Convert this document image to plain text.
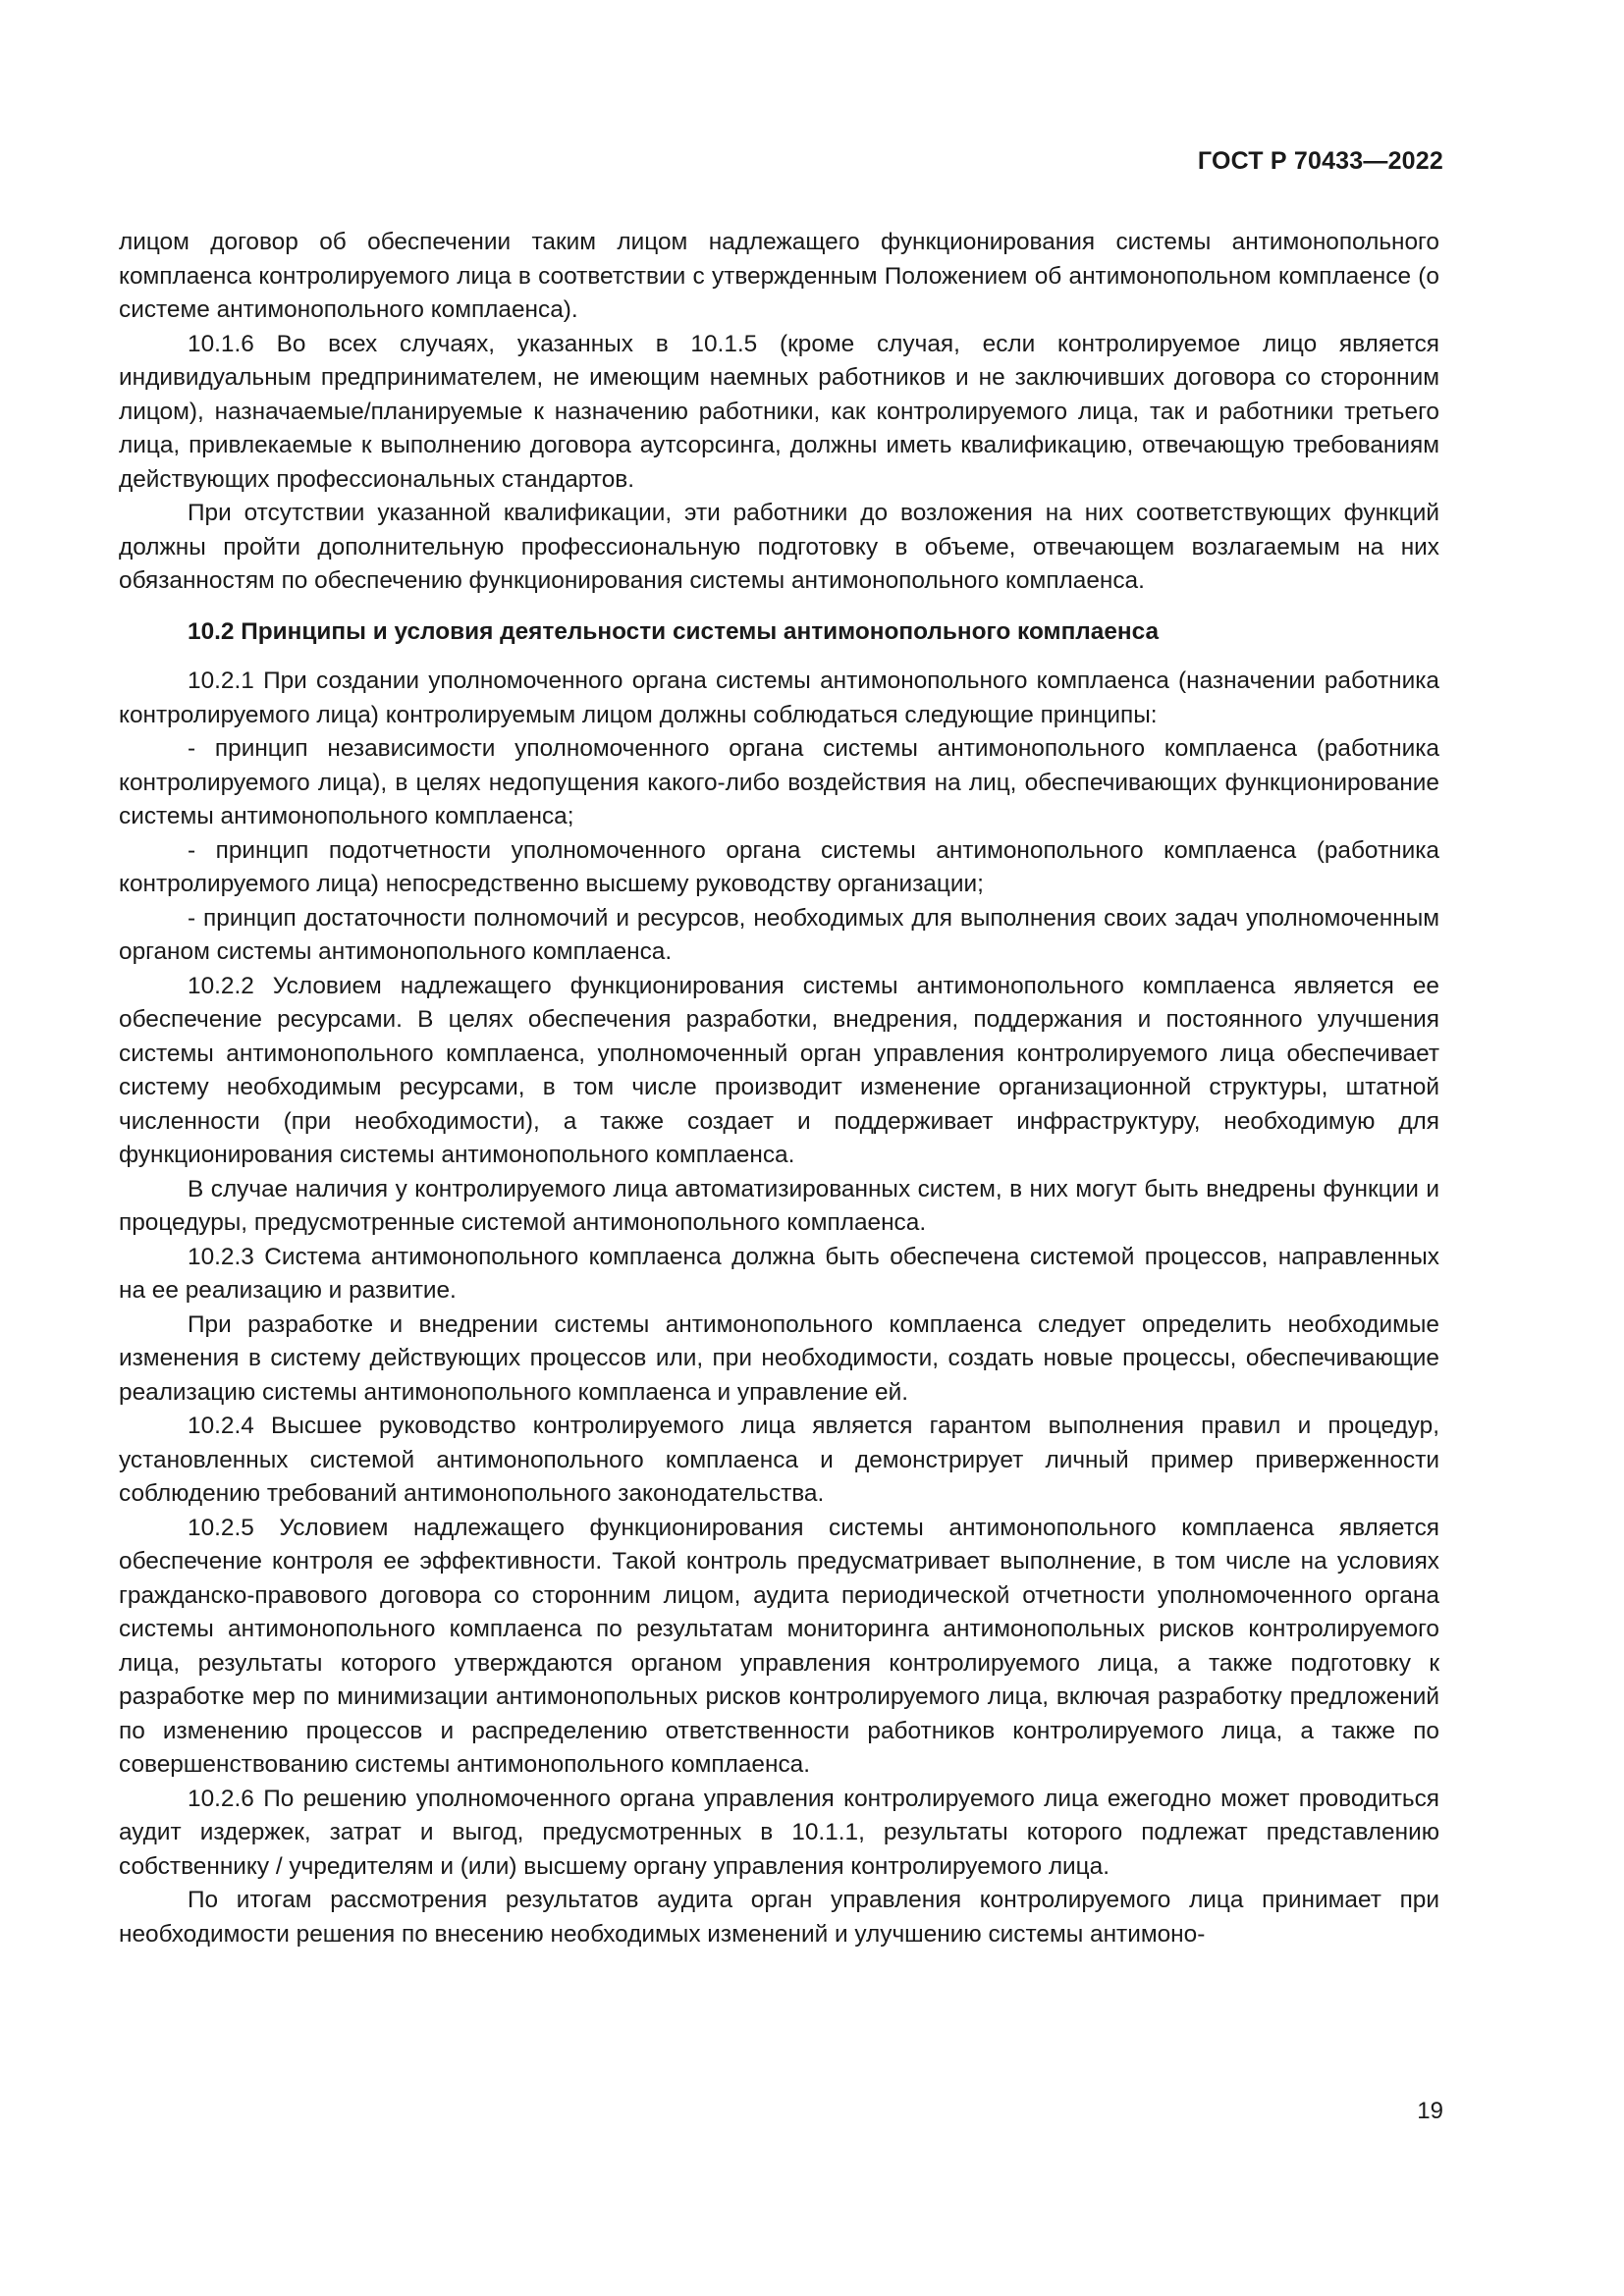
ГОСТ Р 70433—2022

лицом договор об обеспечении таким лицом надлежащего функционирования системы антимонопольного комплаенса контролируемого лица в соответствии с утвержденным Положением об антимонопольном комплаенсе (о системе антимонопольного комплаенса).

10.1.6 Во всех случаях, указанных в 10.1.5 (кроме случая, если контролируемое лицо является индивидуальным предпринимателем, не имеющим наемных работников и не заключивших договора со сторонним лицом), назначаемые/планируемые к назначению работники, как контролируемого лица, так и работники третьего лица, привлекаемые к выполнению договора аутсорсинга, должны иметь квалификацию, отвечающую требованиям действующих профессиональных стандартов.

При отсутствии указанной квалификации, эти работники до возложения на них соответствующих функций должны пройти дополнительную профессиональную подготовку в объеме, отвечающем возлагаемым на них обязанностям по обеспечению функционирования системы антимонопольного комплаенса.

10.2 Принципы и условия деятельности системы антимонопольного комплаенса

10.2.1 При создании уполномоченного органа системы антимонопольного комплаенса (назначении работника контролируемого лица) контролируемым лицом должны соблюдаться следующие принципы:

- принцип независимости уполномоченного органа системы антимонопольного комплаенса (работника контролируемого лица), в целях недопущения какого-либо воздействия на лиц, обеспечивающих функционирование системы антимонопольного комплаенса;

- принцип подотчетности уполномоченного органа системы антимонопольного комплаенса (работника контролируемого лица) непосредственно высшему руководству организации;

- принцип достаточности полномочий и ресурсов, необходимых для выполнения своих задач уполномоченным органом системы антимонопольного комплаенса.

10.2.2 Условием надлежащего функционирования системы антимонопольного комплаенса является ее обеспечение ресурсами. В целях обеспечения разработки, внедрения, поддержания и постоянного улучшения системы антимонопольного комплаенса, уполномоченный орган управления контролируемого лица обеспечивает систему необходимым ресурсами, в том числе производит изменение организационной структуры, штатной численности (при необходимости), а также создает и поддерживает инфраструктуру, необходимую для функционирования системы антимонопольного комплаенса.

В случае наличия у контролируемого лица автоматизированных систем, в них могут быть внедрены функции и процедуры, предусмотренные системой антимонопольного комплаенса.

10.2.3 Система антимонопольного комплаенса должна быть обеспечена системой процессов, направленных на ее реализацию и развитие.

При разработке и внедрении системы антимонопольного комплаенса следует определить необходимые изменения в систему действующих процессов или, при необходимости, создать новые процессы, обеспечивающие реализацию системы антимонопольного комплаенса и управление ей.

10.2.4 Высшее руководство контролируемого лица является гарантом выполнения правил и процедур, установленных системой антимонопольного комплаенса и демонстрирует личный пример приверженности соблюдению требований антимонопольного законодательства.

10.2.5 Условием надлежащего функционирования системы антимонопольного комплаенса является обеспечение контроля ее эффективности. Такой контроль предусматривает выполнение, в том числе на условиях гражданско-правового договора со сторонним лицом, аудита периодической отчетности уполномоченного органа системы антимонопольного комплаенса по результатам мониторинга антимонопольных рисков контролируемого лица, результаты которого утверждаются органом управления контролируемого лица, а также подготовку к разработке мер по минимизации антимонопольных рисков контролируемого лица, включая разработку предложений по изменению процессов и распределению ответственности работников контролируемого лица, а также по совершенствованию системы антимонопольного комплаенса.

10.2.6 По решению уполномоченного органа управления контролируемого лица ежегодно может проводиться аудит издержек, затрат и выгод, предусмотренных в 10.1.1, результаты которого подлежат представлению собственнику / учредителям и (или) высшему органу управления контролируемого лица.

По итогам рассмотрения результатов аудита орган управления контролируемого лица принимает при необходимости решения по внесению необходимых изменений и улучшению системы антимоно-

19
